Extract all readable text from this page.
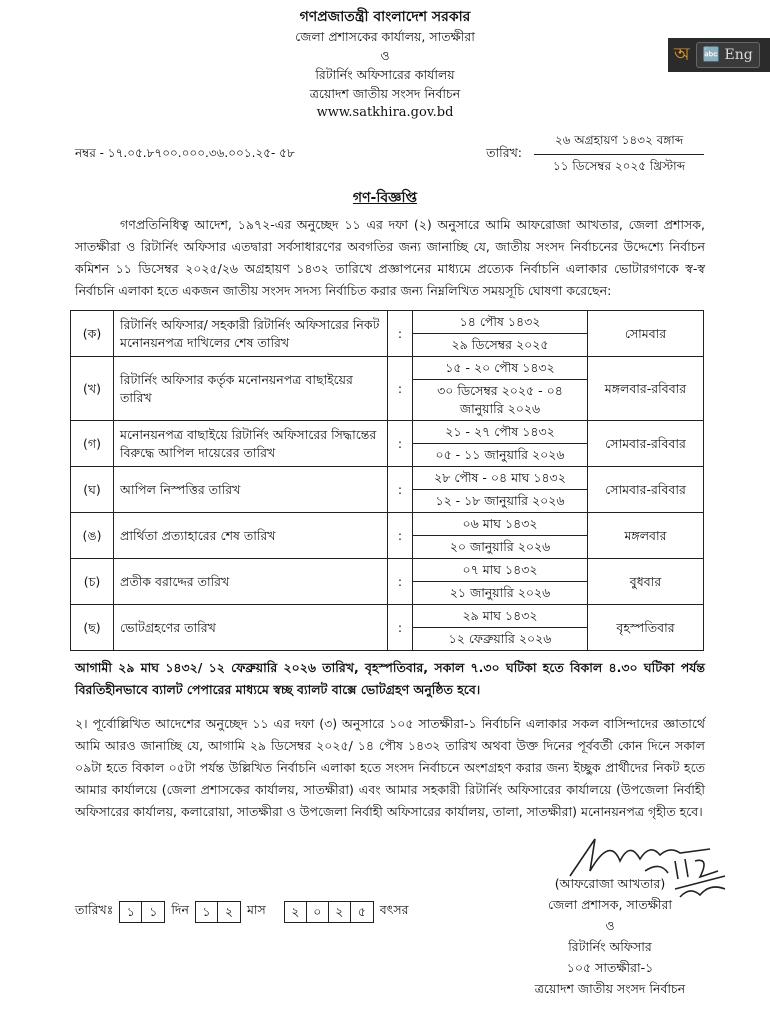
অ 🔤 Eng
গণপ্রজাতন্ত্রী বাংলাদেশ সরকার
জেলা প্রশাসকের কার্যালয়, সাতক্ষীরা
ও
রিটার্নিং অফিসারের কার্যালয়
ত্রয়োদশ জাতীয় সংসদ নির্বাচন
www.satkhira.gov.bd
নম্বর - ১৭.০৫.৮৭০০.০০০.৩৬.০০১.২৫- ৫৮	তারিখ:
২৬ অগ্রহায়ণ ১৪৩২ বঙ্গাব্দ
১১ ডিসেম্বর ২০২৫ খ্রিস্টাব্দ
গণ-বিজ্ঞপ্তি
গণপ্রতিনিধিত্ব আদেশ, ১৯৭২-এর অনুচ্ছেদ ১১ এর দফা (২) অনুসারে আমি আফরোজা আখতার, জেলা প্রশাসক, সাতক্ষীরা ও রিটার্নিং অফিসার এতদ্বারা সর্বসাধারণের অবগতির জন্য জানাচ্ছি যে, জাতীয় সংসদ নির্বাচনের উদ্দেশ্যে নির্বাচন কমিশন ১১ ডিসেম্বর ২০২৫/২৬ অগ্রহায়ণ ১৪৩২ তারিখে প্রজ্ঞাপনের মাধ্যমে প্রত্যেক নির্বাচনি এলাকার ভোটারগণকে স্ব-স্ব নির্বাচনি এলাকা হতে একজন জাতীয় সংসদ সদস্য নির্বাচিত করার জন্য নিম্নলিখিত সময়সূচি ঘোষণা করেছেন:
(ক)	রিটার্নিং অফিসার/ সহকারী রিটার্নিং অফিসারের নিকট মনোনয়নপত্র দাখিলের শেষ তারিখ	:	১৪ পৌষ ১৪৩২	সোমবার
			২৯ ডিসেম্বর ২০২৫	
(খ)	রিটার্নিং অফিসার কর্তৃক মনোনয়নপত্র বাছাইয়ের তারিখ	:	১৫ - ২০ পৌষ ১৪৩২	মঙ্গলবার-রবিবার
			৩০ ডিসেম্বর ২০২৫ - ০৪ জানুয়ারি ২০২৬	
(গ)	মনোনয়নপত্র বাছাইয়ে রিটার্নিং অফিসারের সিদ্ধান্তের বিরুদ্ধে আপিল দায়েরের তারিখ	:	২১ - ২৭ পৌষ ১৪৩২	সোমবার-রবিবার
			০৫ - ১১ জানুয়ারি ২০২৬	
(ঘ)	আপিল নিস্পত্তির তারিখ	:	২৮ পৌষ - ০৪ মাঘ ১৪৩২	সোমবার-রবিবার
			১২ - ১৮ জানুয়ারি ২০২৬	
(ঙ)	প্রার্থিতা প্রত্যাহারের শেষ তারিখ	:	০৬ মাঘ ১৪৩২	মঙ্গলবার
			২০ জানুয়ারি ২০২৬	
(চ)	প্রতীক বরাদ্দের তারিখ	:	০৭ মাঘ ১৪৩২	বুধবার
			২১ জানুয়ারি ২০২৬	
(ছ)	ভোটগ্রহণের তারিখ	:	২৯ মাঘ ১৪৩২	বৃহস্পতিবার
			১২ ফেব্রুয়ারি ২০২৬	
আগামী ২৯ মাঘ ১৪৩২/ ১২ ফেব্রুয়ারি ২০২৬ তারিখ, বৃহস্পতিবার, সকাল ৭.৩০ ঘটিকা হতে বিকাল ৪.৩০ ঘটিকা পর্যন্ত বিরতিহীনভাবে ব্যালট পেপারের মাধ্যমে স্বচ্ছ ব্যালট বাক্সে ভোটগ্রহণ অনুষ্ঠিত হবে।
২। পূর্বোল্লিখিত আদেশের অনুচ্ছেদ ১১ এর দফা (৩) অনুসারে ১০৫ সাতক্ষীরা-১ নির্বাচনি এলাকার সকল বাসিন্দাদের জ্ঞাতার্থে আমি আরও জানাচ্ছি যে, আগামি ২৯ ডিসেম্বর ২০২৫/ ১৪ পৌষ ১৪৩২ তারিখ অথবা উক্ত দিনের পূর্ববর্তী কোন দিনে সকাল ০৯টা হতে বিকাল ০৫টা পর্যন্ত উল্লিখিত নির্বাচনি এলাকা হতে সংসদ নির্বাচনে অংশগ্রহণ করার জন্য ইচ্ছুক প্রার্থীদের নিকট হতে আমার কার্যালয়ে (জেলা প্রশাসকের কার্যালয়, সাতক্ষীরা) এবং আমার সহকারী রিটার্নিং অফিসারের কার্যালয়ে (উপজেলা নির্বাহী অফিসারের কার্যালয়, কলারোয়া, সাতক্ষীরা ও উপজেলা নির্বাহী অফিসারের কার্যালয়, তালা, সাতক্ষীরা) মনোনয়নপত্র গৃহীত হবে।
তারিখঃ	১	১	দিন	১	২	মাস	২	০	২	৫	বৎসর
(আফরোজা আখতার)
জেলা প্রশাসক, সাতক্ষীরা
ও
রিটার্নিং অফিসার
১০৫ সাতক্ষীরা-১
ত্রয়োদশ জাতীয় সংসদ নির্বাচন
